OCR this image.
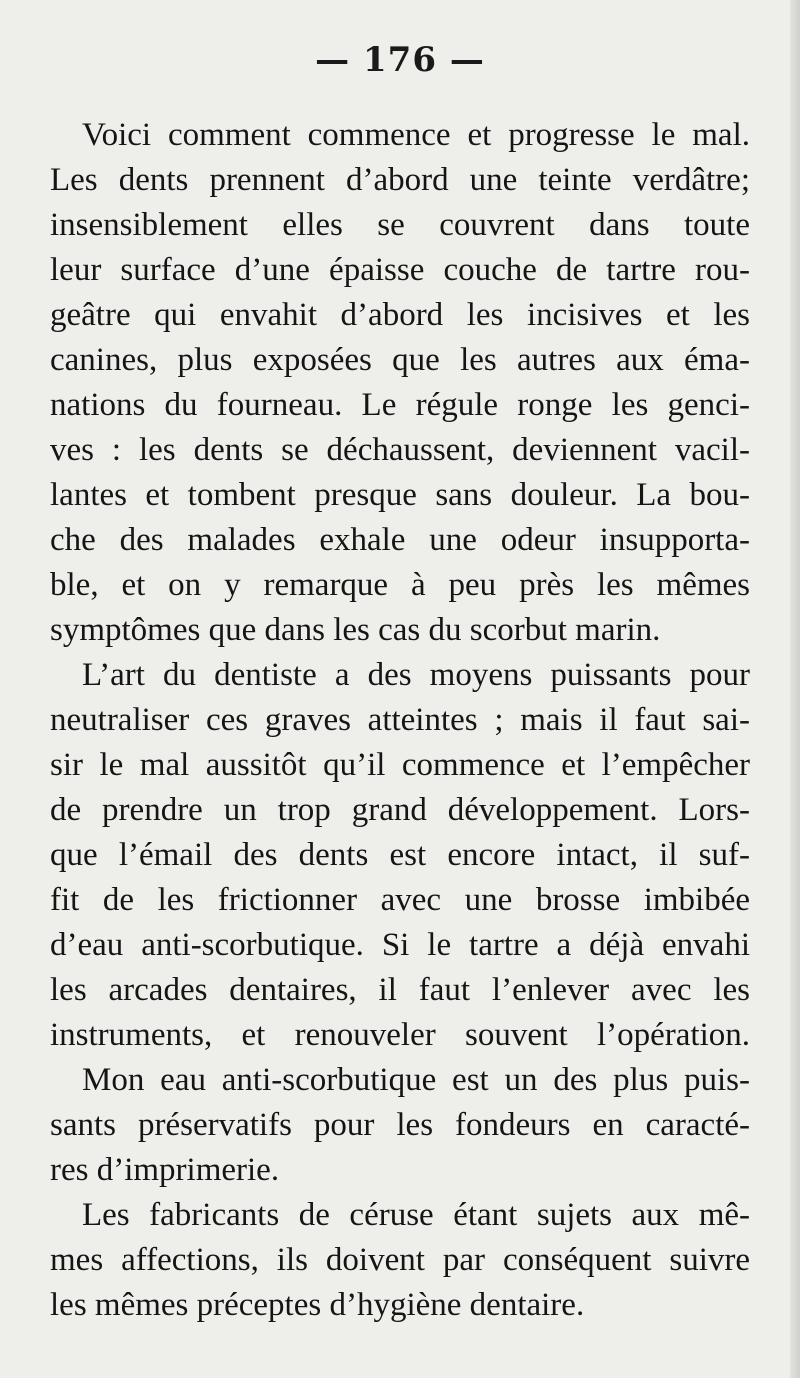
— 176 —

Voici comment commence et progresse le mal.
Les dents prennent d’abord une teinte verdâtre;
insensiblement elles se couvrent dans toute
leur surface d’une épaisse couche de tartre rou-
geâtre qui envahit d’abord les incisives et les
canines, plus exposées que les autres aux éma-
nations du fourneau. Le régule ronge les genci-
ves : les dents se déchaussent, deviennent vacil-
lantes et tombent presque sans douleur. La bou-
che des malades exhale une odeur insupporta-
ble, et on y remarque à peu près les mêmes
symptômes que dans les cas du scorbut marin.

L’art du dentiste a des moyens puissants pour
neutraliser ces graves atteintes ; mais il faut sai-
sir le mal aussitôt qu’il commence et l’empêcher
de prendre un trop grand développement. Lors-
que l’émail des dents est encore intact, il suf-
fit de les frictionner avec une brosse imbibée
d’eau anti-scorbutique. Si le tartre a déjà envahi
les arcades dentaires, il faut l’enlever avec les
instruments, et renouveler souvent l’opération.

Mon eau anti-scorbutique est un des plus puis-
sants préservatifs pour les fondeurs en caracté-
res d’imprimerie.

Les fabricants de céruse étant sujets aux mê-
mes affections, ils doivent par conséquent suivre
les mêmes préceptes d’hygiène dentaire.
